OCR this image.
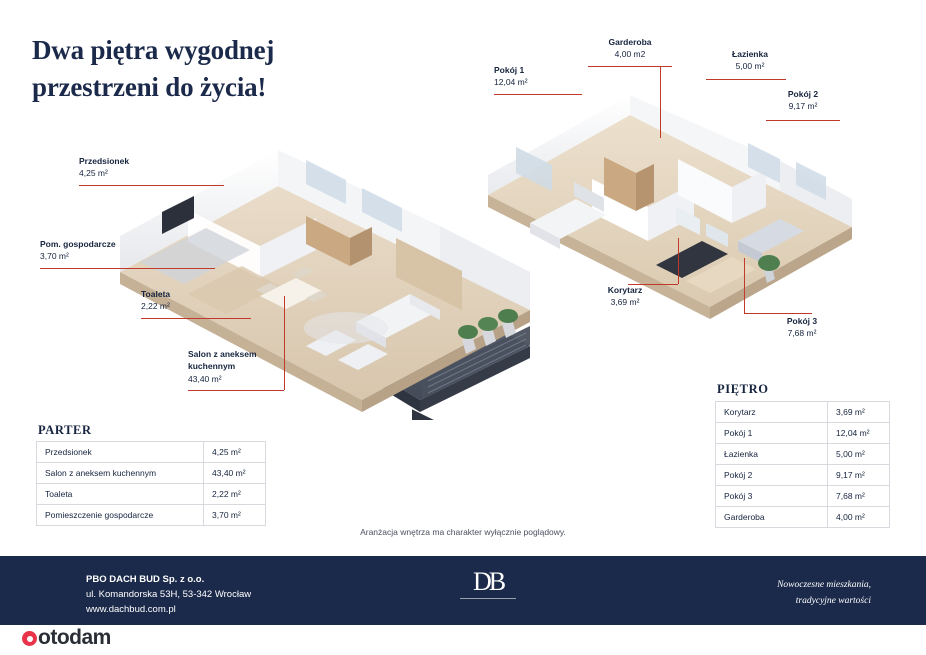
Dwa piętra wygodnej
przestrzeni do życia!
Przedsionek
4,25 m²
Pom. gospodarcze
3,70 m²
Toaleta
2,22 m²
Salon z aneksem
kuchennym
43,40 m²
Pokój 1
12,04 m²
Garderoba
4,00 m2	Łazienka
5,00 m²
Pokój 2
9,17 m²
Pokój 3
7,68 m²
Korytarz
3,69 m²
PARTER
Przedsionek	4,25 m²
Salon z aneksem kuchennym	43,40 m²
Toaleta	2,22 m²
Pomieszczenie gospodarcze	3,70 m²
PIĘTRO
Korytarz	3,69 m²
Pokój 1	12,04 m²
Łazienka	5,00 m²
Pokój 2	9,17 m²
Pokój 3	7,68 m²
Garderoba	4,00 m²
Aranżacja wnętrza ma charakter wyłącznie poglądowy.
PBO DACH BUD Sp. z o.o.
ul. Komandorska 53H, 53-342 Wrocław
www.dachbud.com.pl
DB	Nowoczesne mieszkania,
tradycyjne wartości
otodam
